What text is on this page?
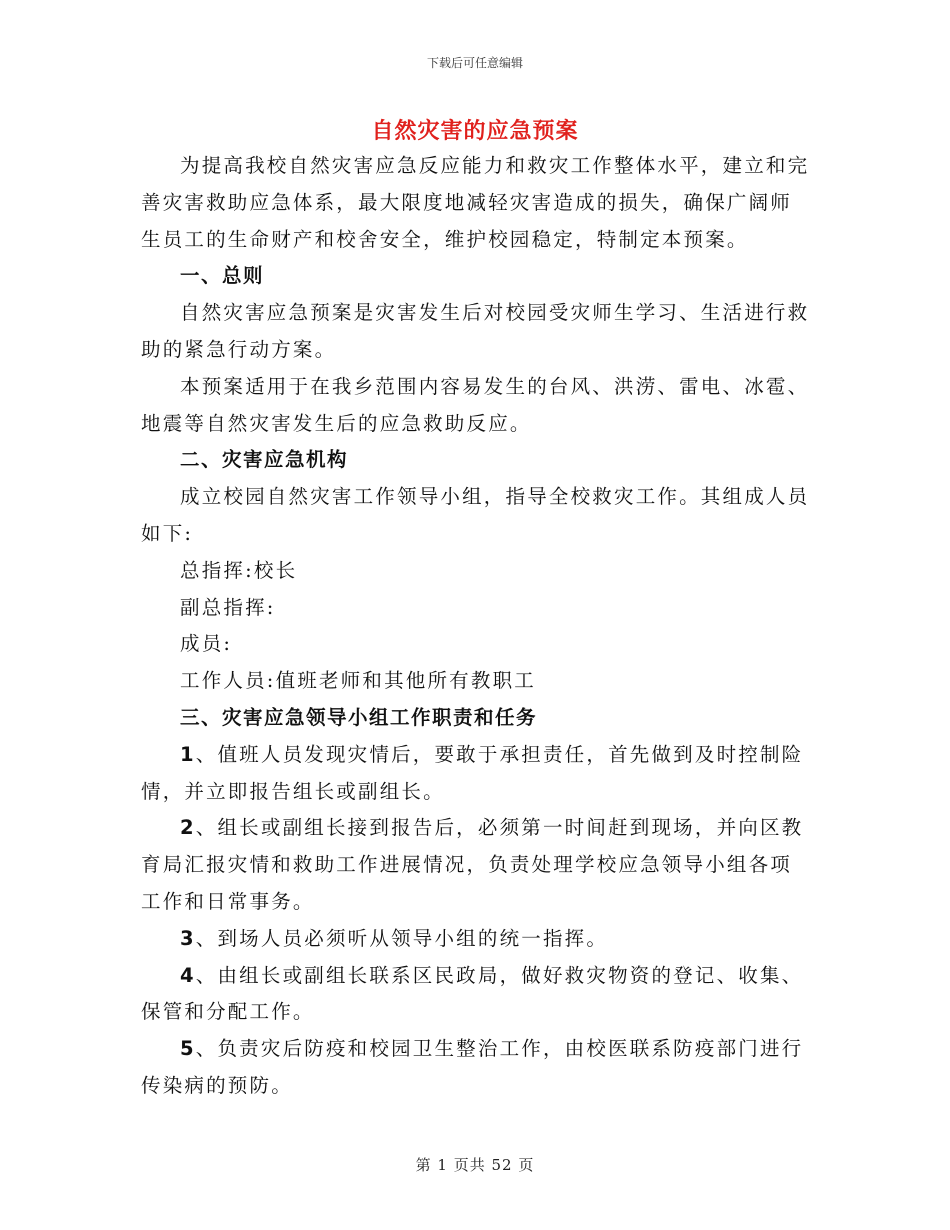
下载后可任意编辑
自然灾害的应急预案

为提高我校自然灾害应急反应能力和救灾工作整体水平，建立和完善灾害救助应急体系，最大限度地减轻灾害造成的损失，确保广阔师生员工的生命财产和校舍安全，维护校园稳定，特制定本预案。

一、总则

自然灾害应急预案是灾害发生后对校园受灾师生学习、生活进行救助的紧急行动方案。

本预案适用于在我乡范围内容易发生的台风、洪涝、雷电、冰雹、地震等自然灾害发生后的应急救助反应。

二、灾害应急机构

成立校园自然灾害工作领导小组，指导全校救灾工作。其组成人员如下:

总指挥:校长

副总指挥:

成员:

工作人员:值班老师和其他所有教职工

三、灾害应急领导小组工作职责和任务

1、值班人员发现灾情后，要敢于承担责任，首先做到及时控制险情，并立即报告组长或副组长。

2、组长或副组长接到报告后，必须第一时间赶到现场，并向区教育局汇报灾情和救助工作进展情况，负责处理学校应急领导小组各项工作和日常事务。

3、到场人员必须听从领导小组的统一指挥。

4、由组长或副组长联系区民政局，做好救灾物资的登记、收集、保管和分配工作。

5、负责灾后防疫和校园卫生整治工作，由校医联系防疫部门进行传染病的预防。

第 1 页共 52 页
